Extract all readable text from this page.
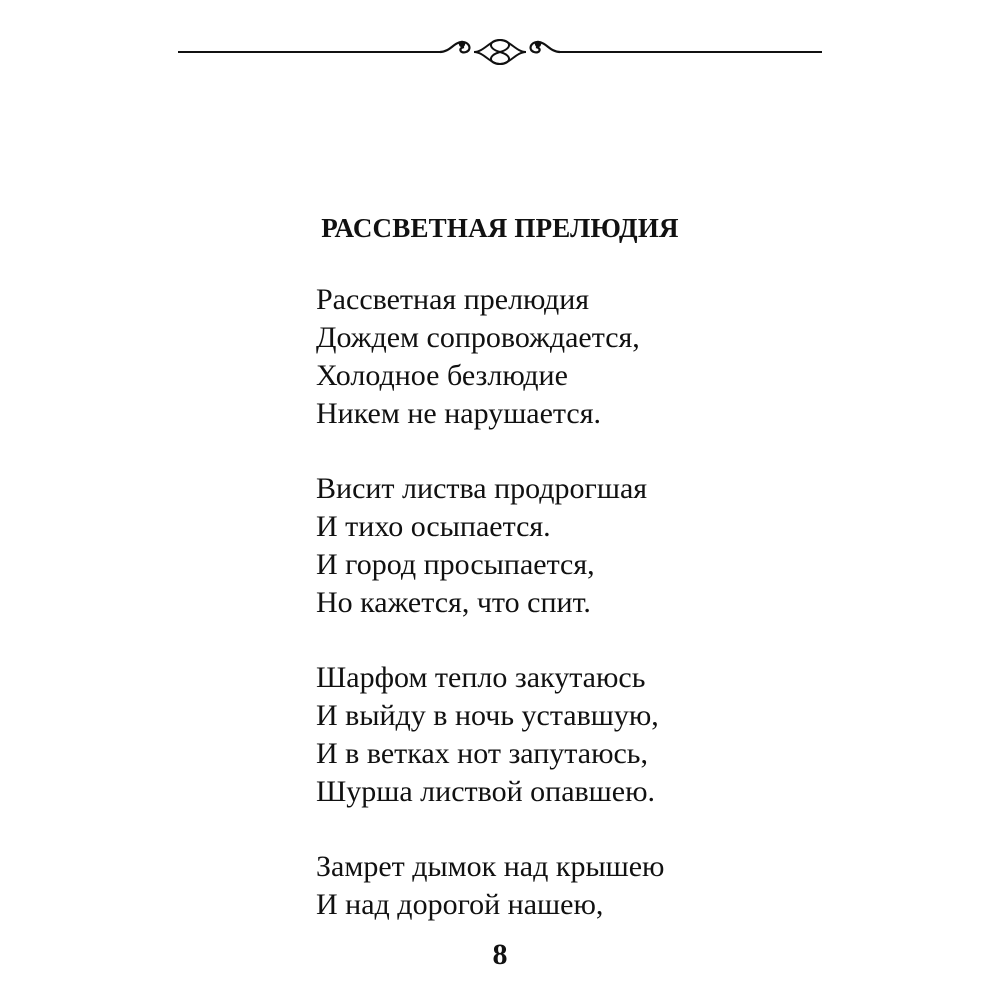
РАССВЕТНАЯ ПРЕЛЮДИЯ
Рассветная прелюдия
Дождем сопровождается,
Холодное безлюдие
Никем не нарушается.
Висит листва продрогшая
И тихо осыпается.
И город просыпается,
Но кажется, что спит.
Шарфом тепло закутаюсь
И выйду в ночь уставшую,
И в ветках нот запутаюсь,
Шурша листвой опавшею.
Замрет дымок над крышею
И над дорогой нашею,
8
